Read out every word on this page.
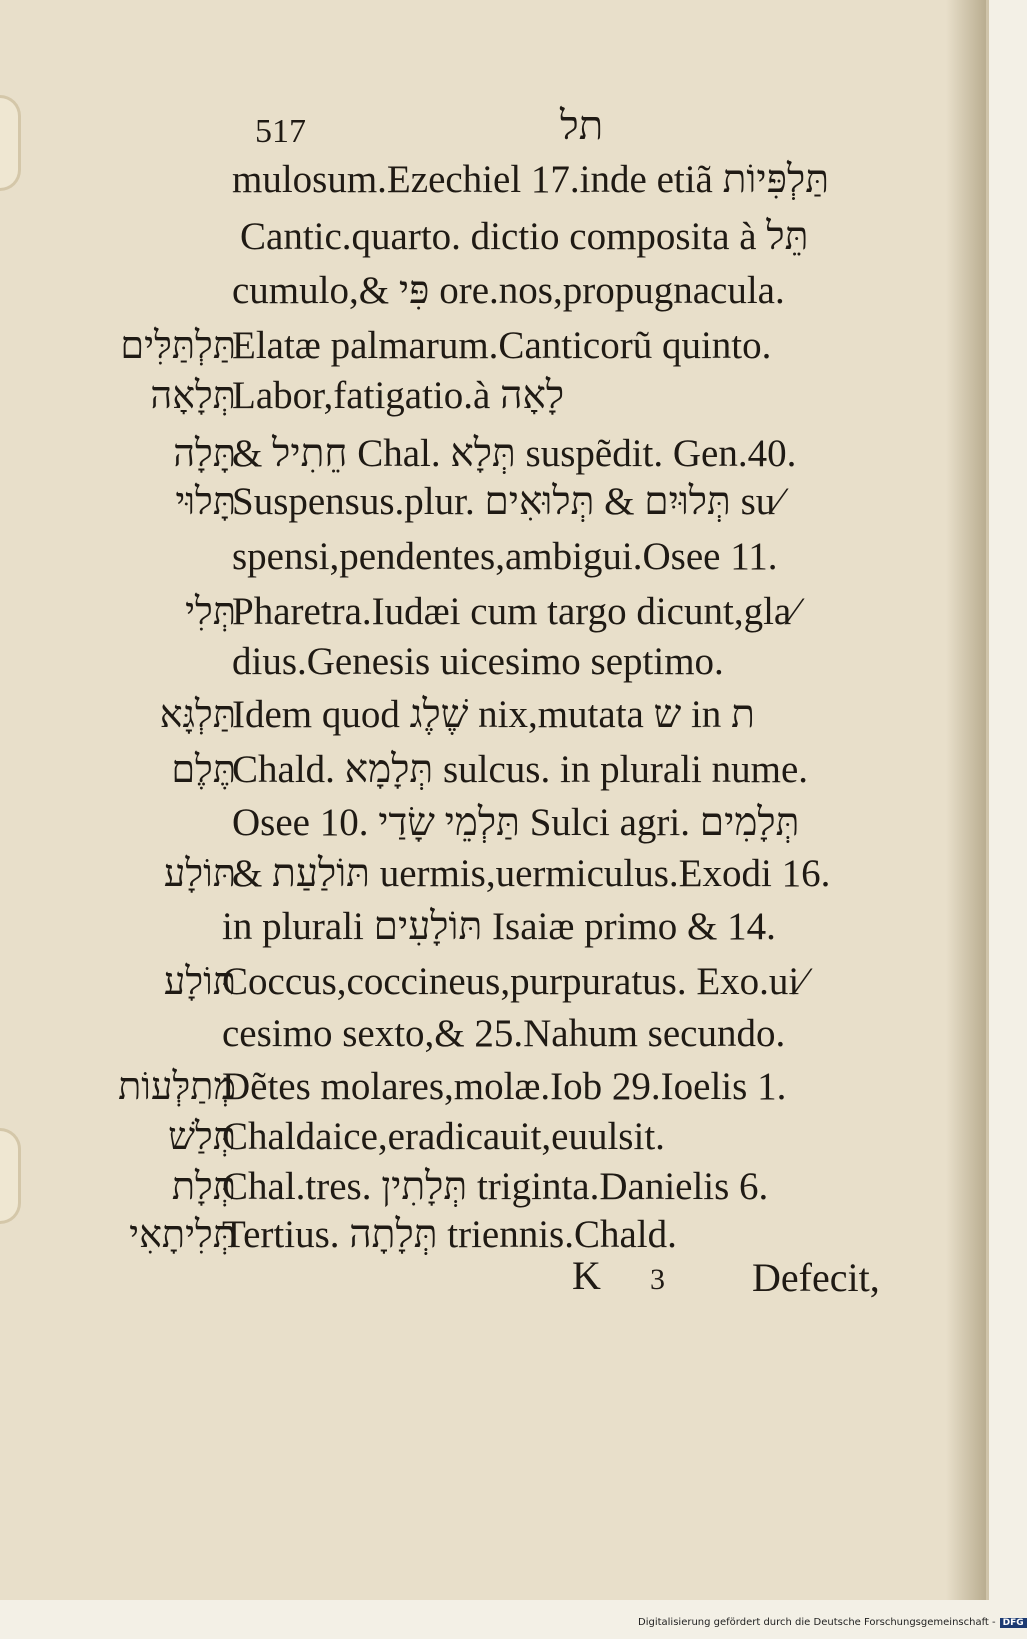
517	תל
mulosum.Ezechiel 17.inde etiã תַּלְפִּיוֹת
Cantic.quarto. dictio composita à תֵּל
cumulo,& פִּי ore.nos,propugnacula.
תַּלְתַּלִּים
Elatæ palmarum.Canticorũ quinto.
תְּלָאָה
Labor,fatigatio.à לָאָה
תָּלָה
& חֵתִיל Chal. תְּלָא suspẽdit. Gen.40.
תָּלוּי
Suspensus.plur. תְּלוּיִם & תְּלוּאִים su⁄
spensi,pendentes,ambigui.Osee 11.
תְּלִי
Pharetra.Iudæi cum targo dicunt,gla⁄
dius.Genesis uicesimo septimo.
תַּלְגָּא
Idem quod שֶׁלֶג nix,mutata ש in ת
תֶּלֶם
Chald. תְּלָמָא sulcus. in plurali nume.
Osee 10. תַּלְמֵי שָׂדַי Sulci agri. תְּלָמִים
תּוֹלָע
& תּוֹלַעַת uermis,uermiculus.Exodi 16.
in plurali תּוֹלָעִים Isaiæ primo & 14.
תּוֹלָע
Coccus,coccineus,purpuratus. Exo.ui⁄
cesimo sexto,& 25.Nahum secundo.
מְתַלְּעוֹת
Dẽtes molares,molæ.Iob 29.Ioelis 1.
תְּלַשׁ
Chaldaice,eradicauit,euulsit.
תְּלָת
Chal.tres. תְּלָתִין triginta.Danielis 6.
תְּלִיתָאִי
Tertius. תְּלָתָה triennis.Chald.
K 3 Defecit,
Digitalisierung gefördert durch die Deutsche Forschungsgemeinschaft - DFG
